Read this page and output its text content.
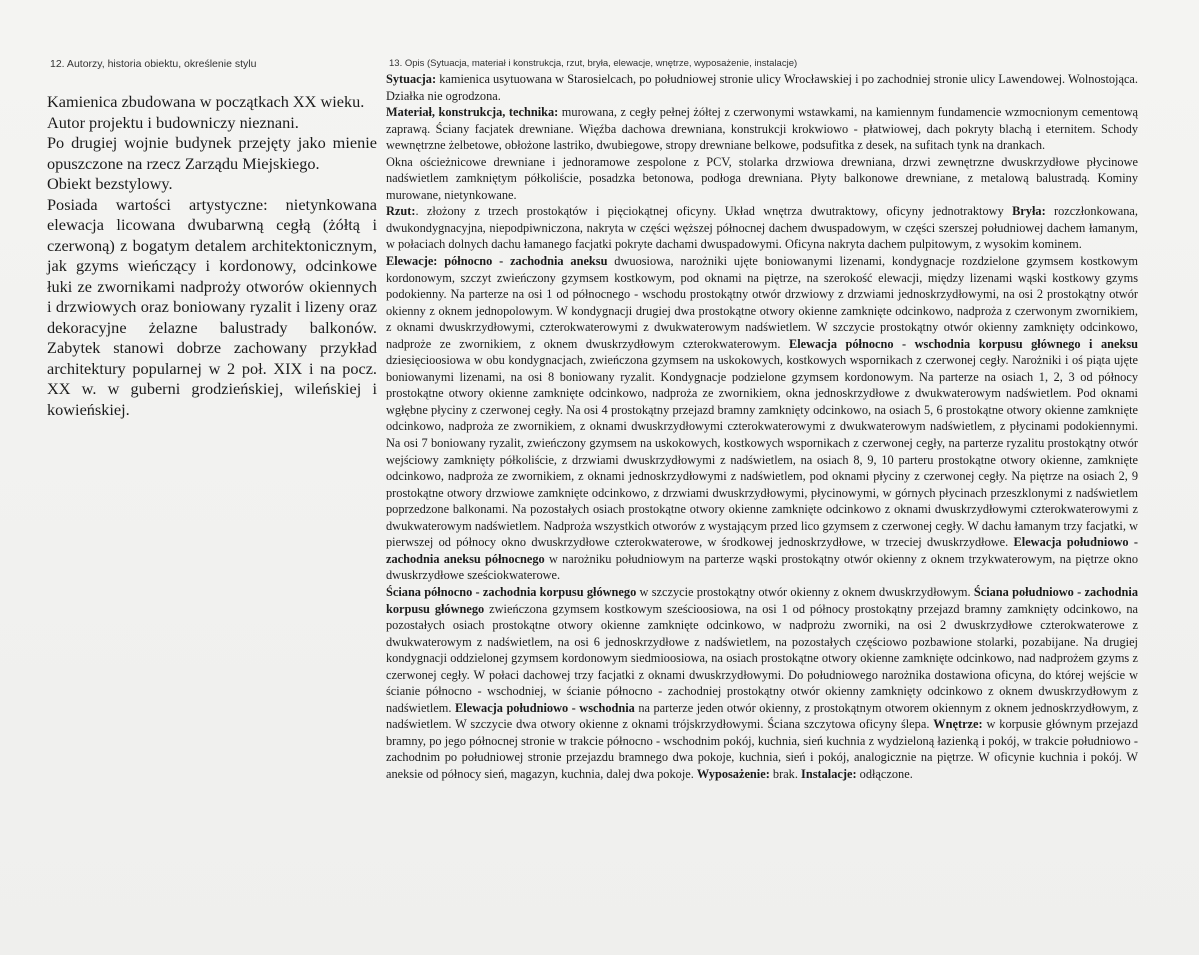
12. Autorzy, historia obiektu, określenie stylu	13. Opis (Sytuacja, materiał i konstrukcja, rzut, bryła, elewacje, wnętrze, wyposażenie, instalacje)

Kamienica zbudowana w początkach XX wieku.

Autor projektu i budowniczy nieznani.

Po drugiej wojnie budynek przejęty jako mienie opuszczone na rzecz Zarządu Miejskiego.

Obiekt bezstylowy.

Posiada wartości artystyczne: nietynkowana elewacja licowana dwubarwną cegłą (żółtą i czerwoną) z bogatym detalem architektonicznym, jak gzyms wieńczący i kordonowy, odcinkowe łuki ze zwornikami nadproży otworów okiennych i drzwiowych oraz boniowany ryzalit i lizeny oraz dekoracyjne żelazne balustrady balkonów. Zabytek stanowi dobrze zachowany przykład architektury popularnej w 2 poł. XIX i na pocz. XX w. w guberni grodzieńskiej, wileńskiej i kowieńskiej.

Sytuacja: kamienica usytuowana w Starosielcach, po południowej stronie ulicy Wrocławskiej i po zachodniej stronie ulicy Lawendowej. Wolnostojąca. Działka nie ogrodzona.

Materiał, konstrukcja, technika: murowana, z cegły pełnej żółtej z czerwonymi wstawkami, na kamiennym fundamencie wzmocnionym cementową zaprawą. Ściany facjatek drewniane. Więźba dachowa drewniana, konstrukcji krokwiowo - płatwiowej, dach pokryty blachą i eternitem. Schody wewnętrzne żelbetowe, obłożone lastriko, dwubiegowe, stropy drewniane belkowe, podsufitka z desek, na sufitach tynk na drankach.

Okna ościeżnicowe drewniane i jednoramowe zespolone z PCV, stolarka drzwiowa drewniana, drzwi zewnętrzne dwuskrzydłowe płycinowe nadświetlem zamkniętym półkoliście, posadzka betonowa, podłoga drewniana. Płyty balkonowe drewniane, z metalową balustradą. Kominy murowane, nietynkowane.

Rzut:. złożony z trzech prostokątów i pięciokątnej oficyny. Układ wnętrza dwutraktowy, oficyny jednotraktowy Bryła: rozczłonkowana, dwukondygnacyjna, niepodpiwniczona, nakryta w części węższej północnej dachem dwuspadowym, w części szerszej południowej dachem łamanym, w połaciach dolnych dachu łamanego facjatki pokryte dachami dwuspadowymi. Oficyna nakryta dachem pulpitowym, z wysokim kominem.

Elewacje: północno - zachodnia aneksu dwuosiowa, narożniki ujęte boniowanymi lizenami, kondygnacje rozdzielone gzymsem kostkowym kordonowym, szczyt zwieńczony gzymsem kostkowym, pod oknami na piętrze, na szerokość elewacji, między lizenami wąski kostkowy gzyms podokienny. Na parterze na osi 1 od północnego - wschodu prostokątny otwór drzwiowy z drzwiami jednoskrzydłowymi, na osi 2 prostokątny otwór okienny z oknem jednopolowym. W kondygnacji drugiej dwa prostokątne otwory okienne zamknięte odcinkowo, nadproża z czerwonym zwornikiem, z oknami dwuskrzydłowymi, czterokwaterowymi z dwukwaterowym nadświetlem. W szczycie prostokątny otwór okienny zamknięty odcinkowo, nadproże ze zwornikiem, z oknem dwuskrzydłowym czterokwaterowym. Elewacja północno - wschodnia korpusu głównego i aneksu dziesięcioosiowa w obu kondygnacjach, zwieńczona gzymsem na uskokowych, kostkowych wspornikach z czerwonej cegły. Narożniki i oś piąta ujęte boniowanymi lizenami, na osi 8 boniowany ryzalit. Kondygnacje podzielone gzymsem kordonowym. Na parterze na osiach 1, 2, 3 od północy prostokątne otwory okienne zamknięte odcinkowo, nadproża ze zwornikiem, okna jednoskrzydłowe z dwukwaterowym nadświetlem. Pod oknami wgłębne płyciny z czerwonej cegły. Na osi 4 prostokątny przejazd bramny zamknięty odcinkowo, na osiach 5, 6 prostokątne otwory okienne zamknięte odcinkowo, nadproża ze zwornikiem, z oknami dwuskrzydłowymi czterokwaterowymi z dwukwaterowym nadświetlem, z płycinami podokiennymi. Na osi 7 boniowany ryzalit, zwieńczony gzymsem na uskokowych, kostkowych wspornikach z czerwonej cegły, na parterze ryzalitu prostokątny otwór wejściowy zamknięty półkoliście, z drzwiami dwuskrzydłowymi z nadświetlem, na osiach 8, 9, 10 parteru prostokątne otwory okienne, zamknięte odcinkowo, nadproża ze zwornikiem, z oknami jednoskrzydłowymi z nadświetlem, pod oknami płyciny z czerwonej cegły. Na piętrze na osiach 2, 9 prostokątne otwory drzwiowe zamknięte odcinkowo, z drzwiami dwuskrzydłowymi, płycinowymi, w górnych płycinach przeszklonymi z nadświetlem poprzedzone balkonami. Na pozostałych osiach prostokątne otwory okienne zamknięte odcinkowo z oknami dwuskrzydłowymi czterokwaterowymi z dwukwaterowym nadświetlem. Nadproża wszystkich otworów z wystającym przed lico gzymsem z czerwonej cegły. W dachu łamanym trzy facjatki, w pierwszej od północy okno dwuskrzydłowe czterokwaterowe, w środkowej jednoskrzydłowe, w trzeciej dwuskrzydłowe. Elewacja południowo - zachodnia aneksu północnego w narożniku południowym na parterze wąski prostokątny otwór okienny z oknem trzykwaterowym, na piętrze okno dwuskrzydłowe sześciokwaterowe.

Ściana północno - zachodnia korpusu głównego w szczycie prostokątny otwór okienny z oknem dwuskrzydłowym. Ściana południowo - zachodnia korpusu głównego zwieńczona gzymsem kostkowym sześcioosiowa, na osi 1 od północy prostokątny przejazd bramny zamknięty odcinkowo, na pozostałych osiach prostokątne otwory okienne zamknięte odcinkowo, w nadprożu zworniki, na osi 2 dwuskrzydłowe czterokwaterowe z dwukwaterowym z nadświetlem, na osi 6 jednoskrzydłowe z nadświetlem, na pozostałych częściowo pozbawione stolarki, pozabijane. Na drugiej kondygnacji oddzielonej gzymsem kordonowym siedmioosiowa, na osiach prostokątne otwory okienne zamknięte odcinkowo, nad nadprożem gzyms z czerwonej cegły. W połaci dachowej trzy facjatki z oknami dwuskrzydłowymi. Do południowego narożnika dostawiona oficyna, do której wejście w ścianie północno - wschodniej, w ścianie północno - zachodniej prostokątny otwór okienny zamknięty odcinkowo z oknem dwuskrzydłowym z nadświetlem. Elewacja południowo - wschodnia na parterze jeden otwór okienny, z prostokątnym otworem okiennym z oknem jednoskrzydłowym, z nadświetlem. W szczycie dwa otwory okienne z oknami trójskrzydłowymi. Ściana szczytowa oficyny ślepa. Wnętrze: w korpusie głównym przejazd bramny, po jego północnej stronie w trakcie północno - wschodnim pokój, kuchnia, sień kuchnia z wydzieloną łazienką i pokój, w trakcie południowo - zachodnim po południowej stronie przejazdu bramnego dwa pokoje, kuchnia, sień i pokój, analogicznie na piętrze. W oficynie kuchnia i pokój. W aneksie od północy sień, magazyn, kuchnia, dalej dwa pokoje. Wyposażenie: brak. Instalacje: odłączone.
